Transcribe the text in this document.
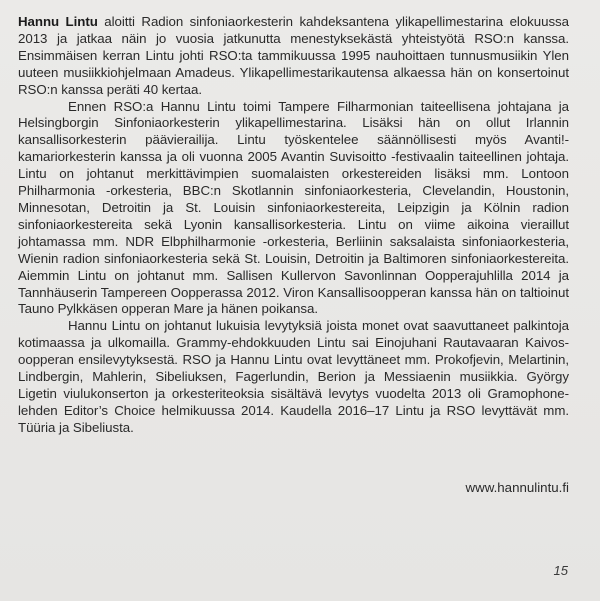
Hannu Lintu aloitti Radion sinfoniaorkesterin kahdeksantena ylikapellimestarina elokuussa 2013 ja jatkaa näin jo vuosia jatkunutta menestyksekästä yhteistyötä RSO:n kanssa. Ensimmäisen kerran Lintu johti RSO:ta tammikuussa 1995 nauhoittaen tunnusmusiikin Ylen uuteen musiikkiohjelmaan Amadeus. Ylikapellimestarikautensa alkaessa hän on konsertoinut RSO:n kanssa peräti 40 kertaa.

Ennen RSO:a Hannu Lintu toimi Tampere Filharmonian taiteellisena johtajana ja Helsingborgin Sinfoniaorkesterin ylikapellimestarina. Lisäksi hän on ollut Irlannin kansallisorkesterin päävierailija. Lintu työskentelee säännöllisesti myös Avanti!-kamariorkesterin kanssa ja oli vuonna 2005 Avantin Suvisoitto -festivaalin taiteellinen johtaja. Lintu on johtanut merkittävimpien suomalaisten orkestereiden lisäksi mm. Lontoon Philharmonia -orkesteria, BBC:n Skotlannin sinfoniaorkesteria, Clevelandin, Houstonin, Minnesotan, Detroitin ja St. Louisin sinfoniaorkestereita, Leipzigin ja Kölnin radion sinfoniaorkestereita sekä Lyonin kansallisorkesteria. Lintu on viime aikoina vieraillut johtamassa mm. NDR Elbphilharmonie -orkesteria, Berliinin saksalaista sinfoniaorkesteria, Wienin radion sinfoniaorkesteria sekä St. Louisin, Detroitin ja Baltimoren sinfoniaorkestereita. Aiemmin Lintu on johtanut mm. Sallisen Kullervon Savonlinnan Oopperajuhlilla 2014 ja Tannhäuserin Tampereen Oopperassa 2012. Viron Kansallisoopperan kanssa hän on taltioinut Tauno Pylkkäsen opperan Mare ja hänen poikansa.

Hannu Lintu on johtanut lukuisia levytyksiä joista monet ovat saavuttaneet palkintoja kotimaassa ja ulkomailla. Grammy-ehdokkuuden Lintu sai Einojuhani Rautavaaran Kaivos-oopperan ensilevytyksestä. RSO ja Hannu Lintu ovat levyttäneet mm. Prokofjevin, Melartinin, Lindbergin, Mahlerin, Sibeliuksen, Fagerlundin, Berion ja Messiaenin musiikkia. György Ligetin viulukonserton ja orkesteriteoksia sisältävä levytys vuodelta 2013 oli Gramophone-lehden Editor’s Choice helmikuussa 2014. Kaudella 2016–17 Lintu ja RSO levyttävät mm. Tüüria ja Sibeliusta.

www.hannulintu.fi
15
